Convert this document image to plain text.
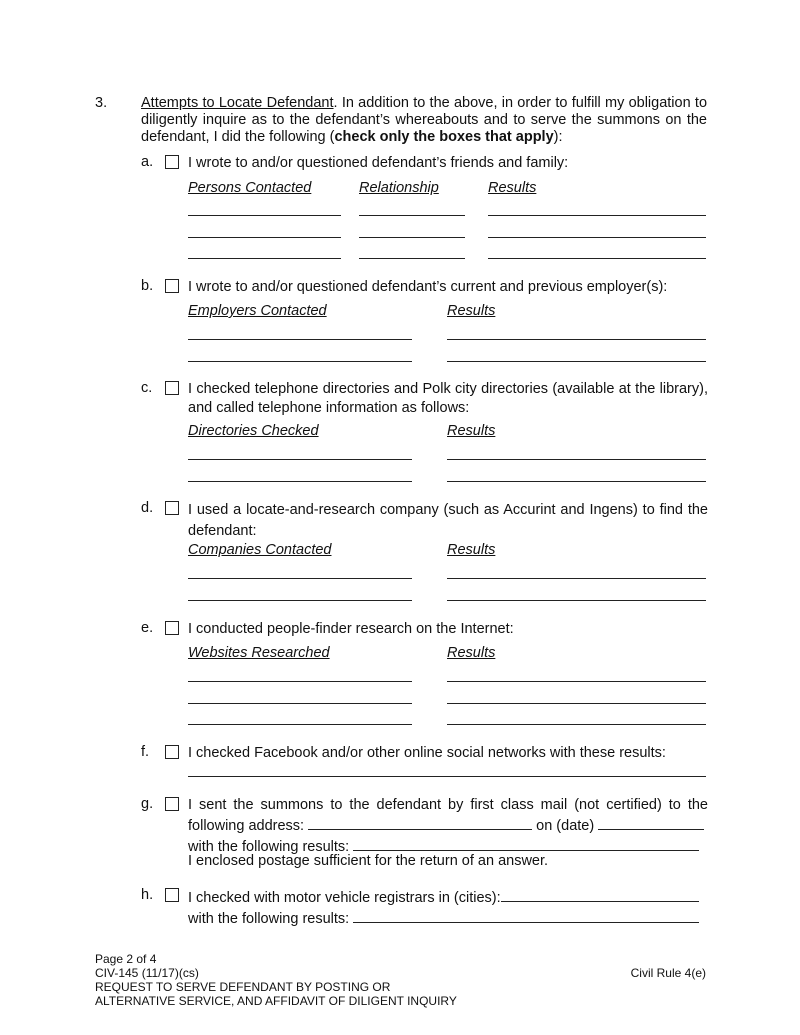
3. Attempts to Locate Defendant. In addition to the above, in order to fulfill my obligation to diligently inquire as to the defendant’s whereabouts and to serve the summons on the defendant, I did the following (check only the boxes that apply):
a. I wrote to and/or questioned defendant’s friends and family:
Persons Contacted	Relationship	Results
b. I wrote to and/or questioned defendant’s current and previous employer(s):
Employers Contacted	Results
c. I checked telephone directories and Polk city directories (available at the library), and called telephone information as follows:
Directories Checked	Results
d. I used a locate-and-research company (such as Accurint and Ingens) to find the defendant:
Companies Contacted	Results
e. I conducted people-finder research on the Internet:
Websites Researched	Results
f.	I checked Facebook and/or other online social networks with these results:
g. I sent the summons to the defendant by first class mail (not certified) to the
following address:	on (date)
with the following results:
I enclosed postage sufficient for the return of an answer.
h. I checked with motor vehicle registrars in (cities):
with the following results:
Page 2 of 4
CIV-145 (11/17)(cs)
REQUEST TO SERVE DEFENDANT BY POSTING OR
ALTERNATIVE SERVICE, AND AFFIDAVIT OF DILIGENT INQUIRY
Civil Rule 4(e)
